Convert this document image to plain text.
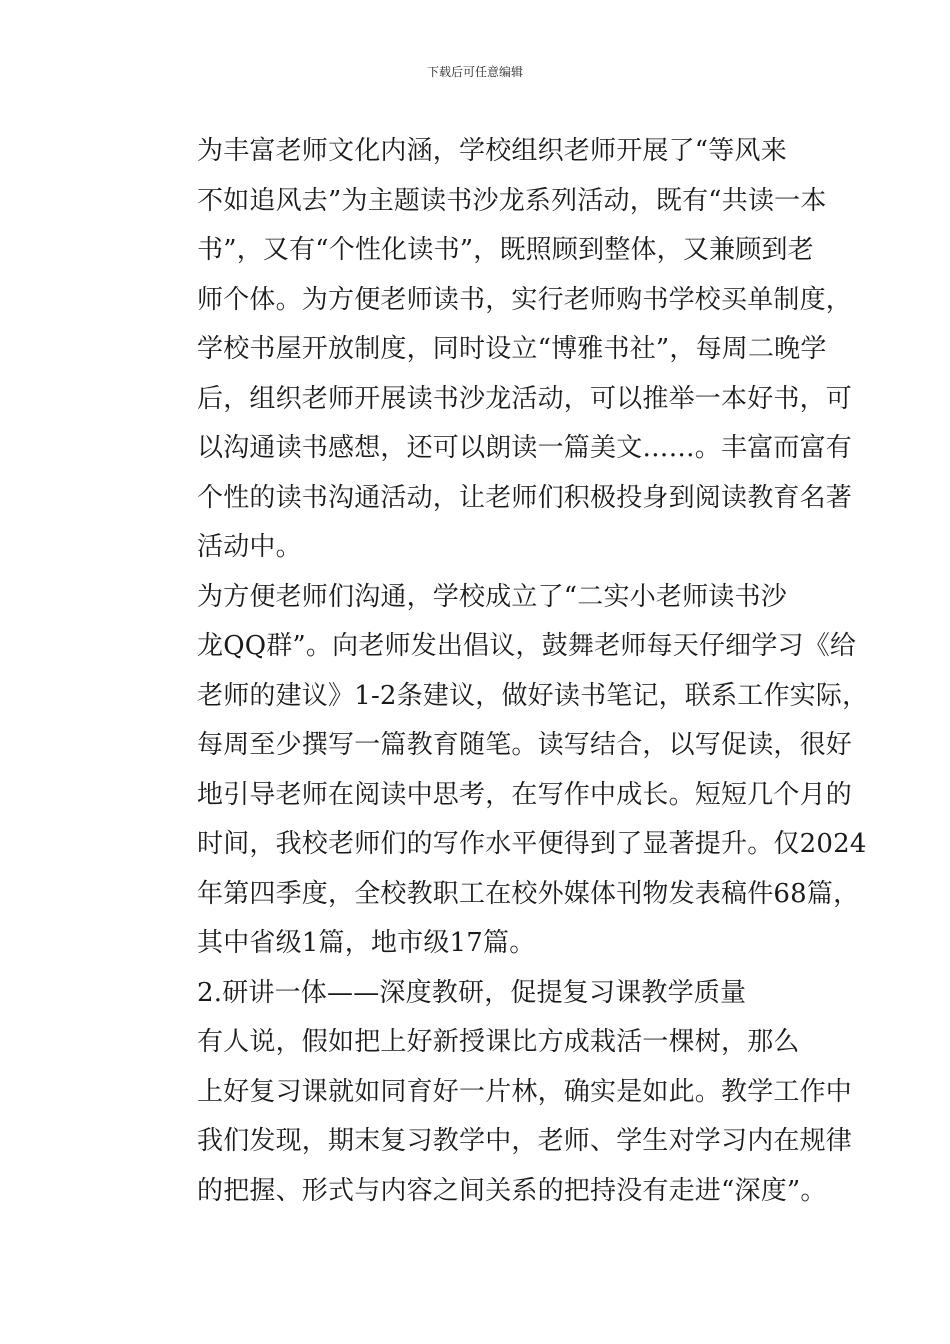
下载后可任意编辑

为丰富老师文化内涵，学校组织老师开展了“等风来
不如追风去”为主题读书沙龙系列活动，既有“共读一本
书”，又有“个性化读书”，既照顾到整体，又兼顾到老
师个体。为方便老师读书，实行老师购书学校买单制度，
学校书屋开放制度，同时设立“博雅书社”，每周二晚学
后，组织老师开展读书沙龙活动，可以推举一本好书，可
以沟通读书感想，还可以朗读一篇美文……。丰富而富有
个性的读书沟通活动，让老师们积极投身到阅读教育名著
活动中。

为方便老师们沟通，学校成立了“二实小老师读书沙
龙QQ群”。向老师发出倡议，鼓舞老师每天仔细学习《给
老师的建议》1-2条建议，做好读书笔记，联系工作实际，
每周至少撰写一篇教育随笔。读写结合，以写促读，很好
地引导老师在阅读中思考，在写作中成长。短短几个月的
时间，我校老师们的写作水平便得到了显著提升。仅2024
年第四季度，全校教职工在校外媒体刊物发表稿件68篇，
其中省级1篇，地市级17篇。

2.研讲一体——深度教研，促提复习课教学质量

有人说，假如把上好新授课比方成栽活一棵树，那么
上好复习课就如同育好一片林，确实是如此。教学工作中
我们发现，期末复习教学中，老师、学生对学习内在规律
的把握、形式与内容之间关系的把持没有走进“深度”。
